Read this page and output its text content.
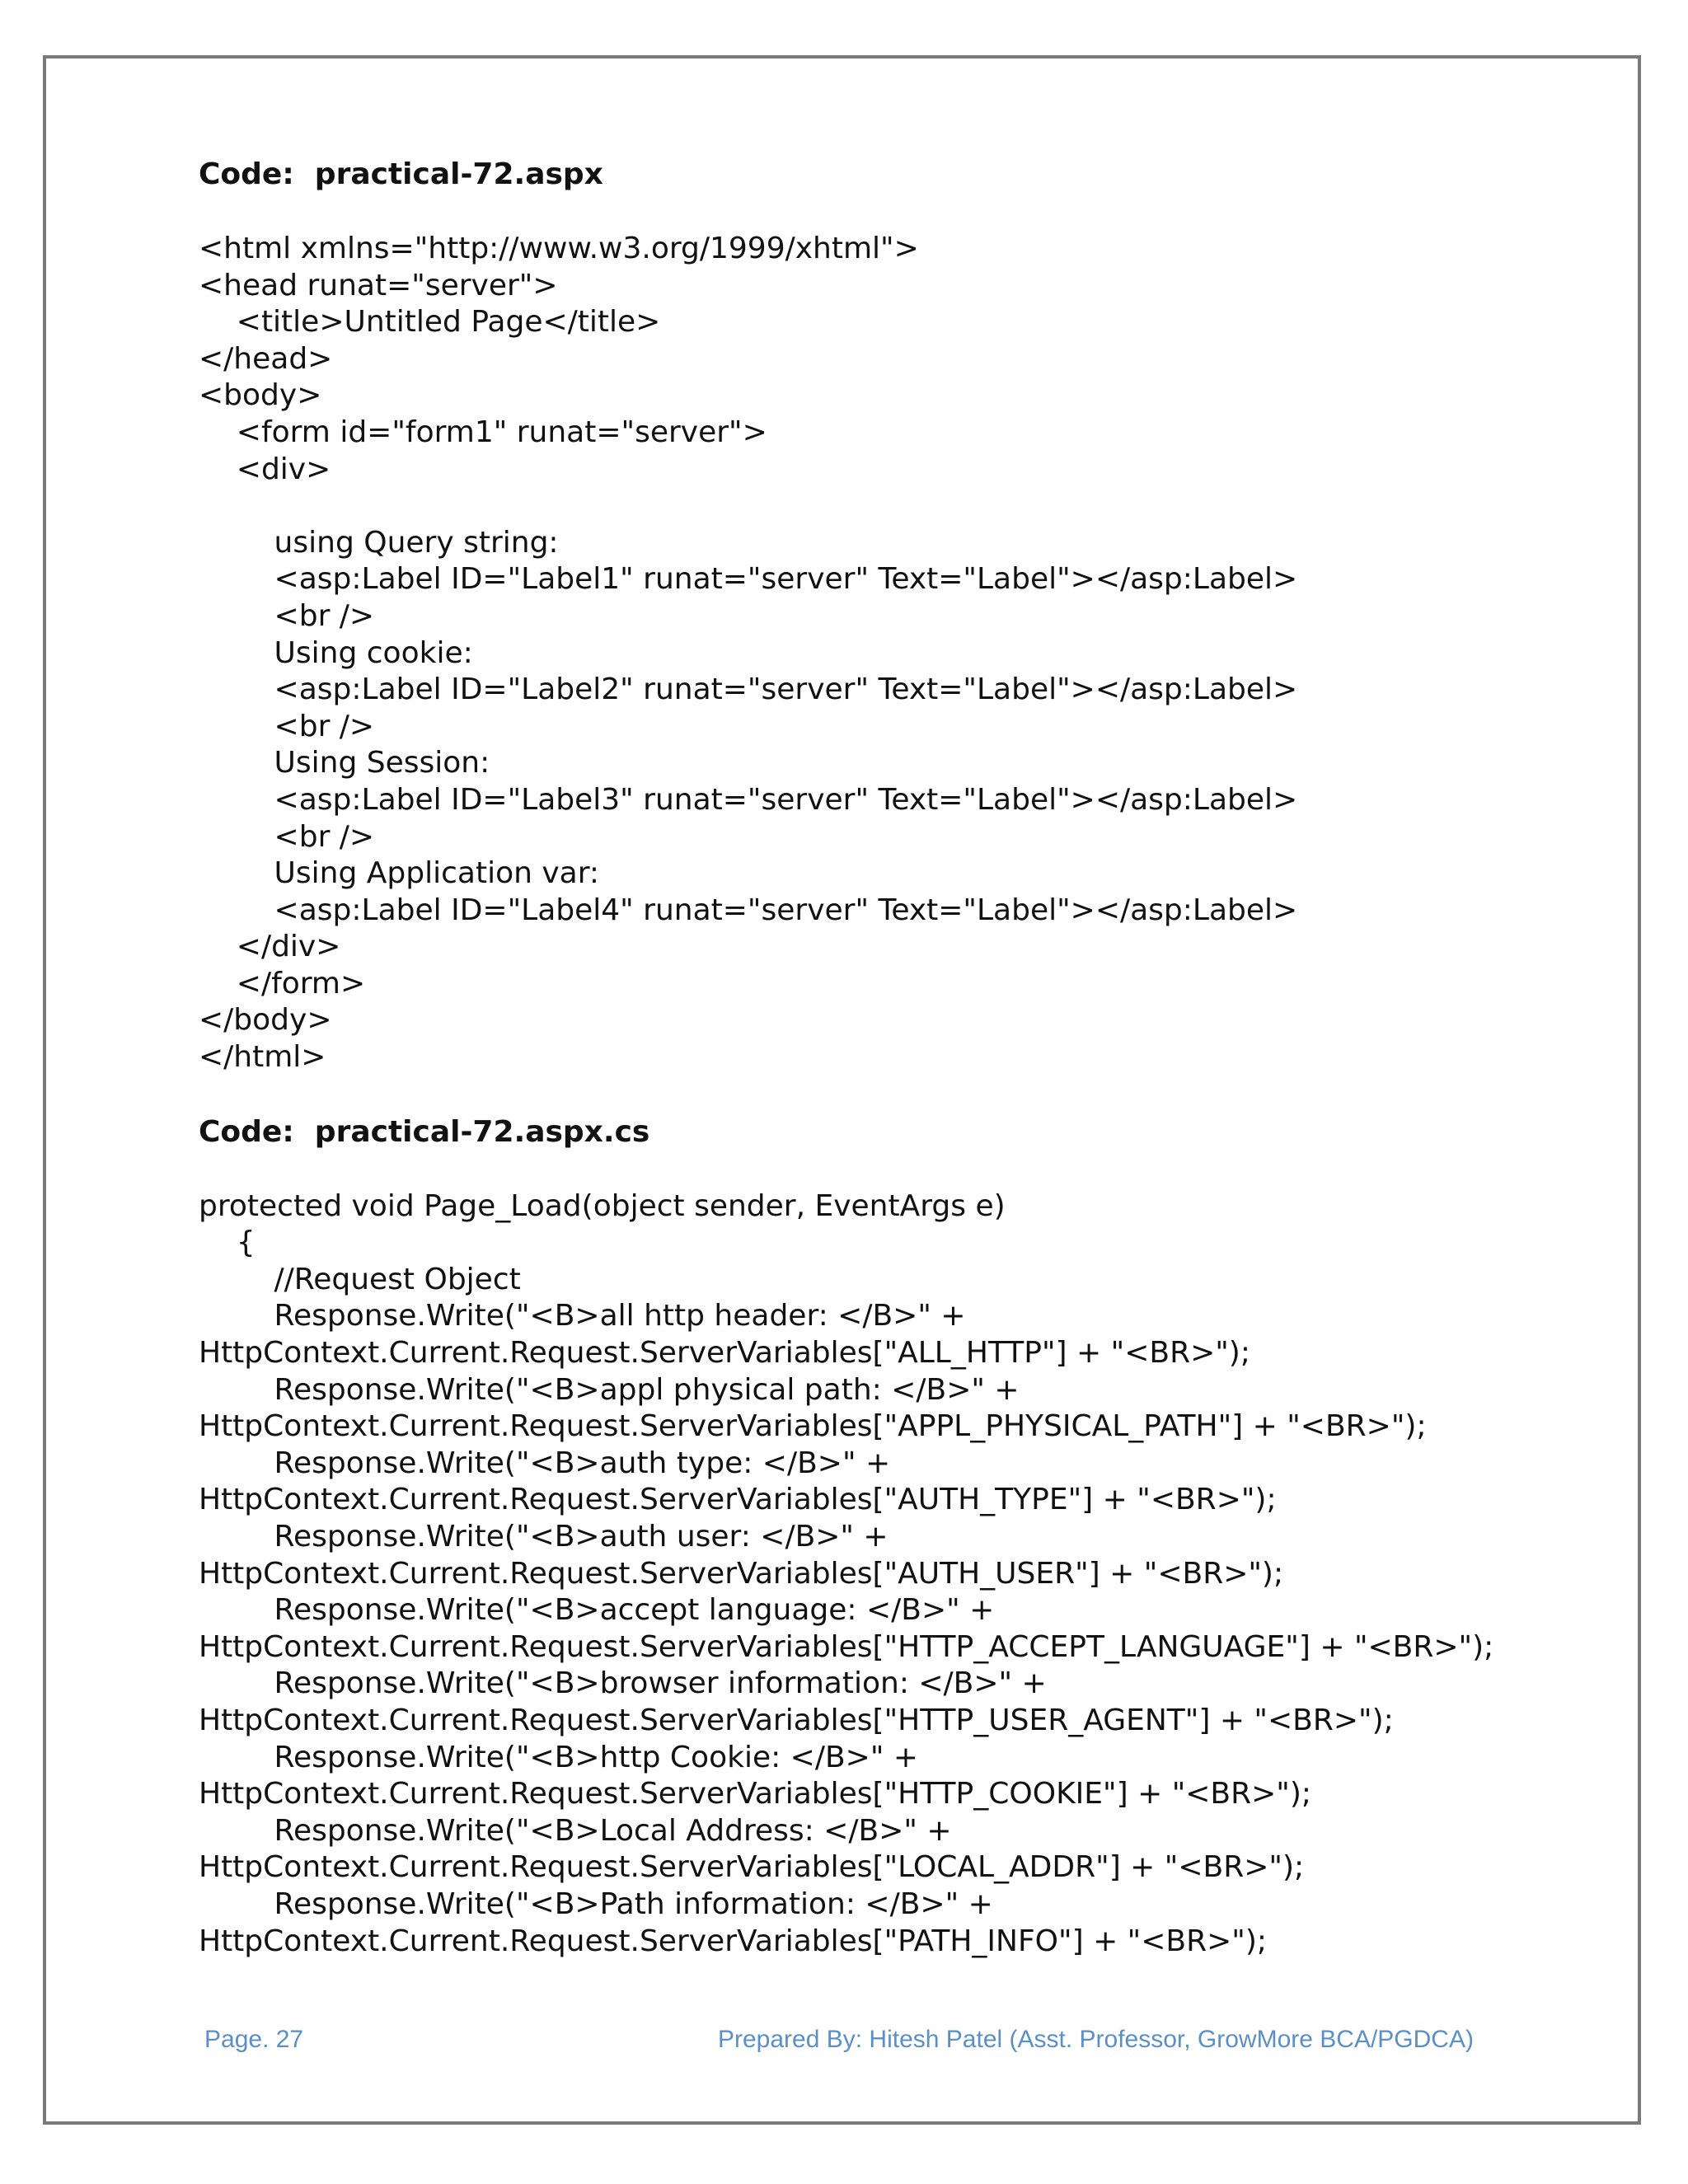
Code:  practical-72.aspx
<html xmlns="http://www.w3.org/1999/xhtml">
<head runat="server">
<title>Untitled Page</title>
</head>
<body>
<form id="form1" runat="server">
<div>
using Query string:
<asp:Label ID="Label1" runat="server" Text="Label"></asp:Label>
<br />
Using cookie:
<asp:Label ID="Label2" runat="server" Text="Label"></asp:Label>
<br />
Using Session:
<asp:Label ID="Label3" runat="server" Text="Label"></asp:Label>
<br />
Using Application var:
<asp:Label ID="Label4" runat="server" Text="Label"></asp:Label>
</div>
</form>
</body>
</html>
Code:  practical-72.aspx.cs
protected void Page_Load(object sender, EventArgs e)
{
//Request Object
Response.Write("<B>all http header: </B>" +
HttpContext.Current.Request.ServerVariables["ALL_HTTP"] + "<BR>");
Response.Write("<B>appl physical path: </B>" +
HttpContext.Current.Request.ServerVariables["APPL_PHYSICAL_PATH"] + "<BR>");
Response.Write("<B>auth type: </B>" +
HttpContext.Current.Request.ServerVariables["AUTH_TYPE"] + "<BR>");
Response.Write("<B>auth user: </B>" +
HttpContext.Current.Request.ServerVariables["AUTH_USER"] + "<BR>");
Response.Write("<B>accept language: </B>" +
HttpContext.Current.Request.ServerVariables["HTTP_ACCEPT_LANGUAGE"] + "<BR>");
Response.Write("<B>browser information: </B>" +
HttpContext.Current.Request.ServerVariables["HTTP_USER_AGENT"] + "<BR>");
Response.Write("<B>http Cookie: </B>" +
HttpContext.Current.Request.ServerVariables["HTTP_COOKIE"] + "<BR>");
Response.Write("<B>Local Address: </B>" +
HttpContext.Current.Request.ServerVariables["LOCAL_ADDR"] + "<BR>");
Response.Write("<B>Path information: </B>" +
HttpContext.Current.Request.ServerVariables["PATH_INFO"] + "<BR>");
Page. 27	Prepared By: Hitesh Patel (Asst. Professor, GrowMore BCA/PGDCA)
